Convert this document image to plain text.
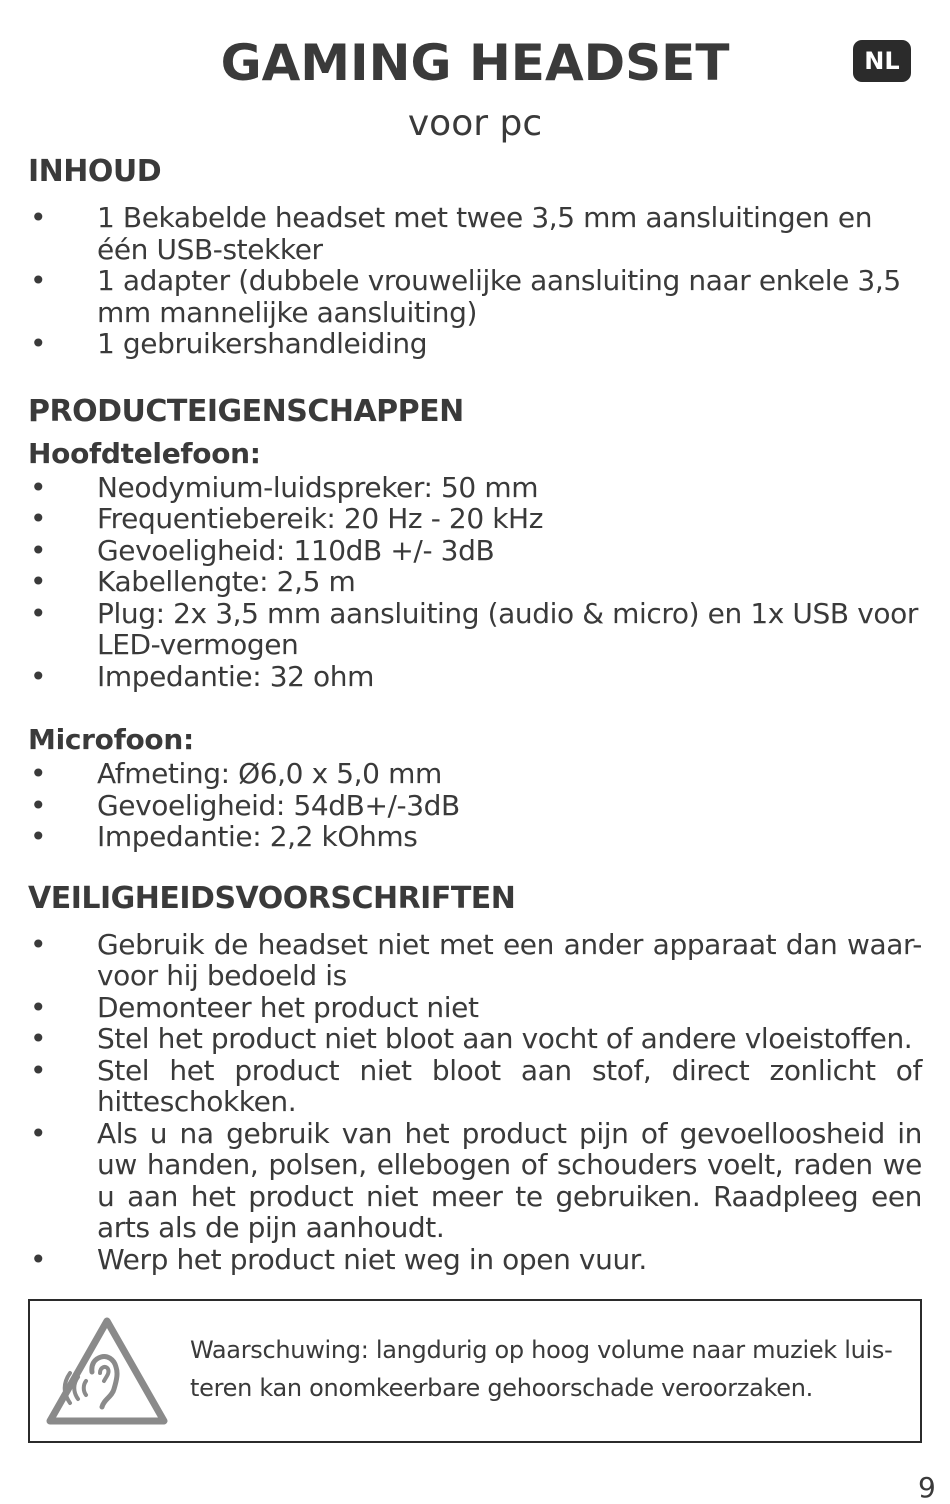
GAMING HEADSET
voor pc
NL
INHOUD
• 1 Bekabelde headset met twee 3,5 mm aansluitingen en één USB-stekker
• 1 adapter (dubbele vrouwelijke aansluiting naar enkele 3,5 mm mannelijke aansluiting)
• 1 gebruikershandleiding
PRODUCTEIGENSCHAPPEN
Hoofdtelefoon:
• Neodymium-luidspreker: 50 mm
• Frequentiebereik: 20 Hz - 20 kHz
• Gevoeligheid: 110dB +/- 3dB
• Kabellengte: 2,5 m
• Plug: 2x 3,5 mm aansluiting (audio & micro) en 1x USB voor LED-vermogen
• Impedantie: 32 ohm
Microfoon:
• Afmeting: Ø6,0 x 5,0 mm
• Gevoeligheid: 54dB+/-3dB
• Impedantie: 2,2 kOhms
VEILIGHEIDSVOORSCHRIFTEN
• Gebruik de headset niet met een ander apparaat dan waar-voor hij bedoeld is
• Demonteer het product niet
• Stel het product niet bloot aan vocht of andere vloeistoffen.
• Stel het product niet bloot aan stof, direct zonlicht of hitteschokken.
• Als u na gebruik van het product pijn of gevoelloosheid in uw handen, polsen, ellebogen of schouders voelt, raden we u aan het product niet meer te gebruiken. Raadpleeg een arts als de pijn aanhoudt.
• Werp het product niet weg in open vuur.
Waarschuwing: langdurig op hoog volume naar muziek luis-
teren kan onomkeerbare gehoorschade veroorzaken.
9
